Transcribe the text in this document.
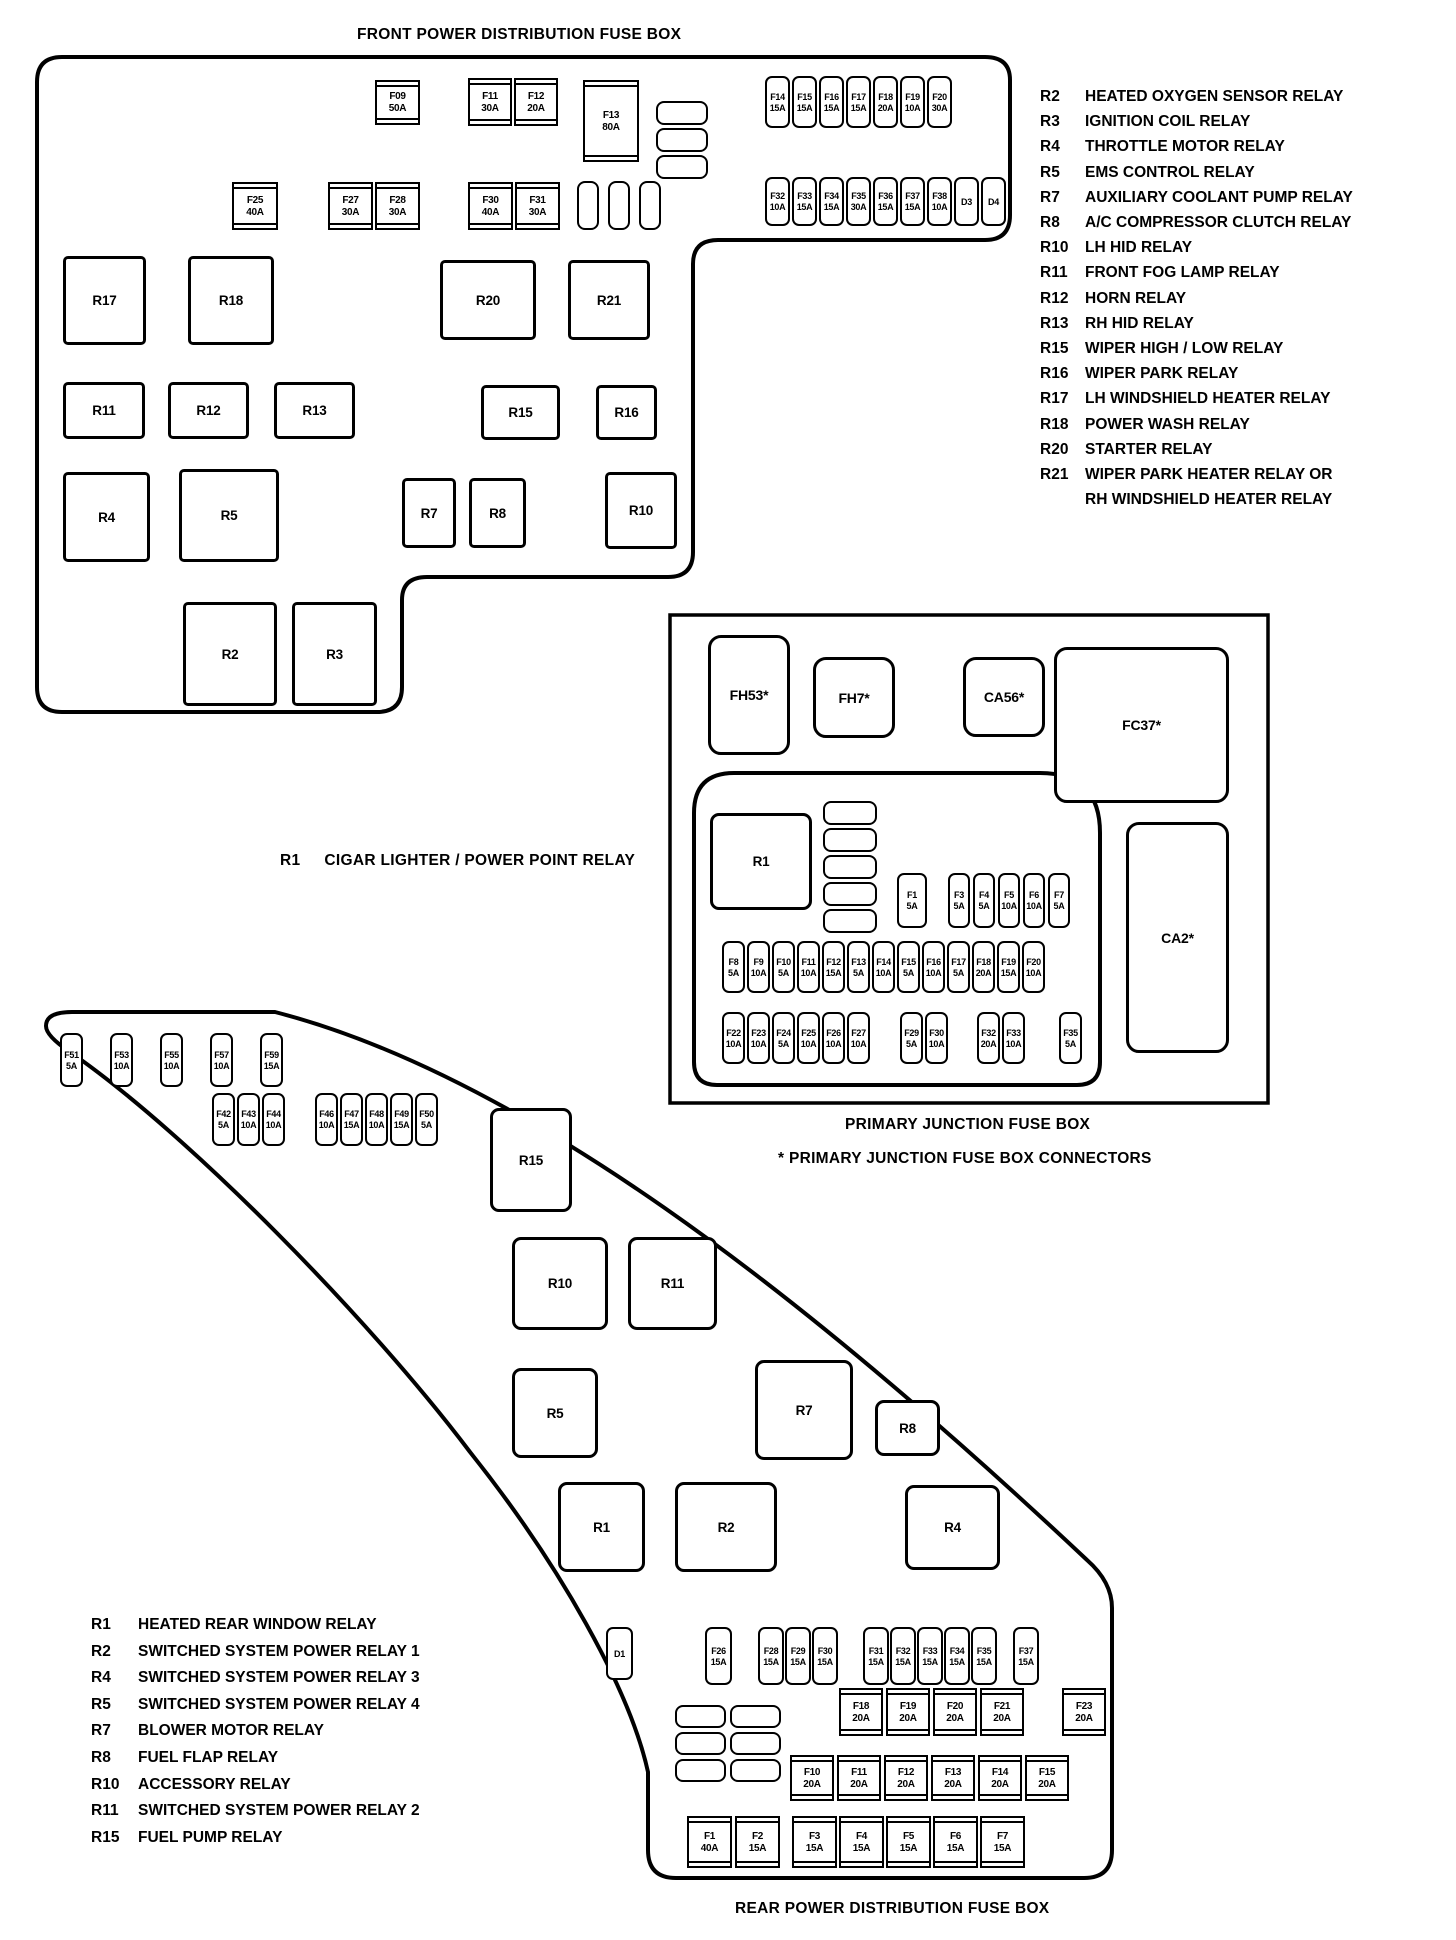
FRONT POWER DISTRIBUTION FUSE BOX
F09
50A
F11
30A
F12
20A
F13
80A
F14
15A
F15
15A
F16
15A
F17
15A
F18
20A
F19
10A
F20
30A
F25
40A
F27
30A
F28
30A
F30
40A
F31
30A
F32
10A
F33
15A
F34
15A
F35
30A
F36
15A
F37
15A
F38
10A
D3 D4
R17	R18	R20	R21
R11	R12	R13	R15	R16
R4	R5	R7	R8	R10
R2	R3
R2	HEATED OXYGEN SENSOR RELAY
R3	IGNITION COIL RELAY
R4	THROTTLE MOTOR RELAY
R5	EMS CONTROL RELAY
R7	AUXILIARY COOLANT PUMP RELAY
R8	A/C COMPRESSOR CLUTCH RELAY
R10	LH HID RELAY
R11	FRONT FOG LAMP RELAY
R12	HORN RELAY
R13	RH HID RELAY
R15	WIPER HIGH / LOW RELAY
R16	WIPER PARK RELAY
R17	LH WINDSHIELD HEATER RELAY
R18	POWER WASH RELAY
R20	STARTER RELAY
R21	WIPER PARK HEATER RELAY OR
RH WINDSHIELD HEATER RELAY
FH53*	FH7*	CA56*
FC37*
CA2*
R1
F1
5A
F3
5A
F4
5A
F5
10A
F6
10A
F7
5A
F8
5A
F9
10A
F10
5A
F11
10A
F12
15A
F13
5A
F14
10A
F15
5A
F16
10A
F17
5A
F18
20A
F19
15A
F20
10A
F22
10A
F23
10A
F24
5A
F25
10A
F26
10A
F27
10A
F29
5A
F30
10A
F32
20A
F33
10A
F35
5A
R1 CIGAR LIGHTER / POWER POINT RELAY
PRIMARY JUNCTION FUSE BOX
* PRIMARY JUNCTION FUSE BOX CONNECTORS
F51
5A
F53
10A
F55
10A
F57
10A
F59
15A
F42
5A
F43
10A
F44
10A
F46
10A
F47
15A
F48
10A
F49
15A
F50
5A
R15
R10	R11
R5	R7
R8
R1	R2	R4
D1	F26
15A
F28
15A
F29
15A
F30
15A
F31
15A
F32
15A
F33
15A
F34
15A
F35
15A
F37
15A
F18
20A
F19
20A
F20
20A
F21
20A
F23
20A
F10
20A
F11
20A
F12
20A
F13
20A
F14
20A
F15
20A
F1
40A
F2
15A
F3
15A
F4
15A
F5
15A
F6
15A
F7
15A
REAR POWER DISTRIBUTION FUSE BOX
R1	HEATED REAR WINDOW RELAY
R2	SWITCHED SYSTEM POWER RELAY 1
R4	SWITCHED SYSTEM POWER RELAY 3
R5	SWITCHED SYSTEM POWER RELAY 4
R7	BLOWER MOTOR RELAY
R8	FUEL FLAP RELAY
R10	ACCESSORY RELAY
R11	SWITCHED SYSTEM POWER RELAY 2
R15	FUEL PUMP RELAY
